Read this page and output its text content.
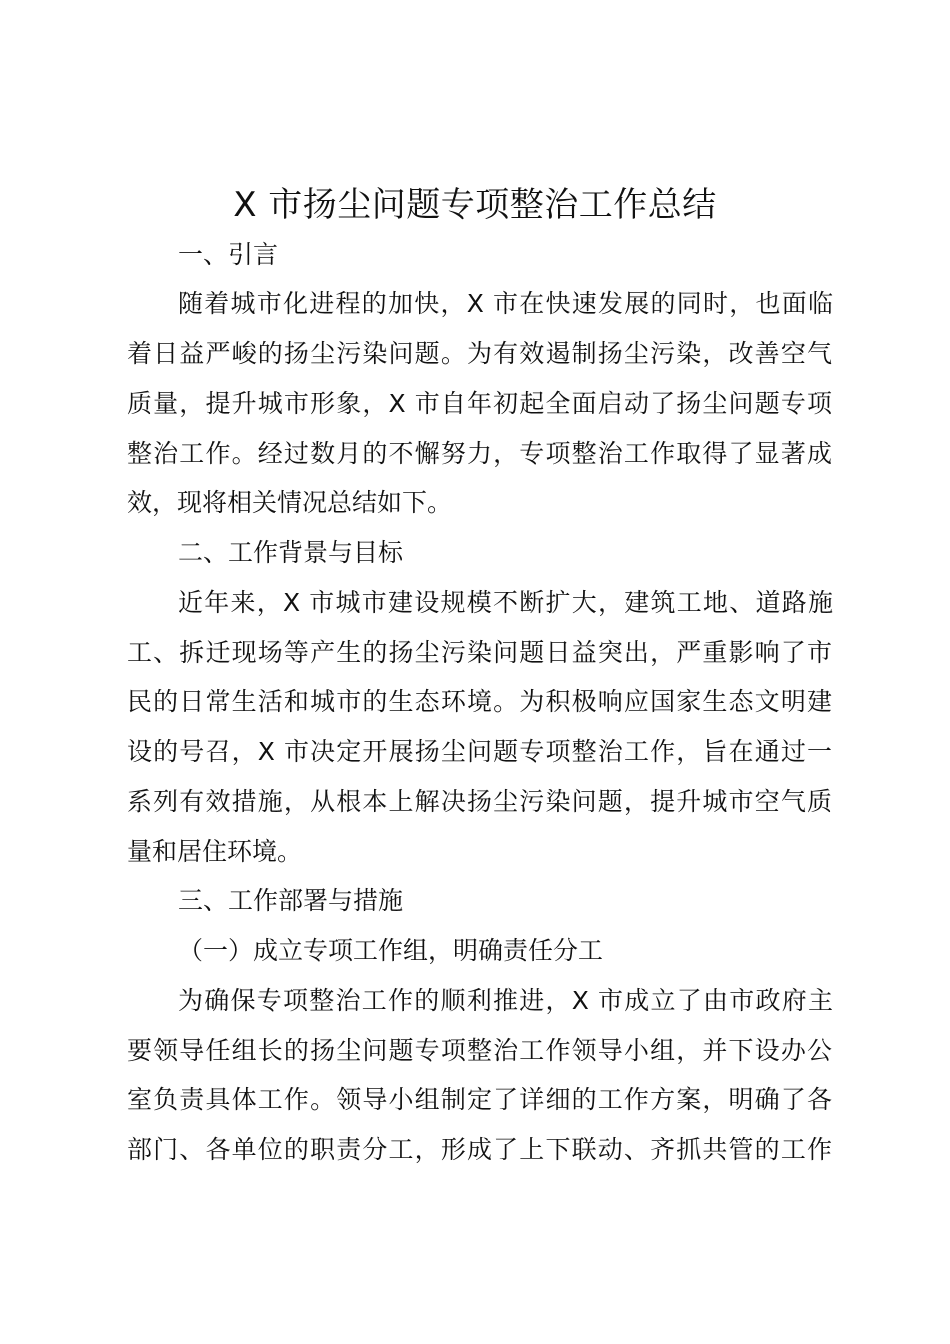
X 市扬尘问题专项整治工作总结
一、引言
随着城市化进程的加快，X 市在快速发展的同时，也面临
着日益严峻的扬尘污染问题。为有效遏制扬尘污染，改善空气
质量，提升城市形象，X 市自年初起全面启动了扬尘问题专项
整治工作。经过数月的不懈努力，专项整治工作取得了显著成
效，现将相关情况总结如下。
二、工作背景与目标
近年来，X 市城市建设规模不断扩大，建筑工地、道路施
工、拆迁现场等产生的扬尘污染问题日益突出，严重影响了市
民的日常生活和城市的生态环境。为积极响应国家生态文明建
设的号召，X 市决定开展扬尘问题专项整治工作，旨在通过一
系列有效措施，从根本上解决扬尘污染问题，提升城市空气质
量和居住环境。
三、工作部署与措施
（一）成立专项工作组，明确责任分工
为确保专项整治工作的顺利推进，X 市成立了由市政府主
要领导任组长的扬尘问题专项整治工作领导小组，并下设办公
室负责具体工作。领导小组制定了详细的工作方案，明确了各
部门、各单位的职责分工，形成了上下联动、齐抓共管的工作
